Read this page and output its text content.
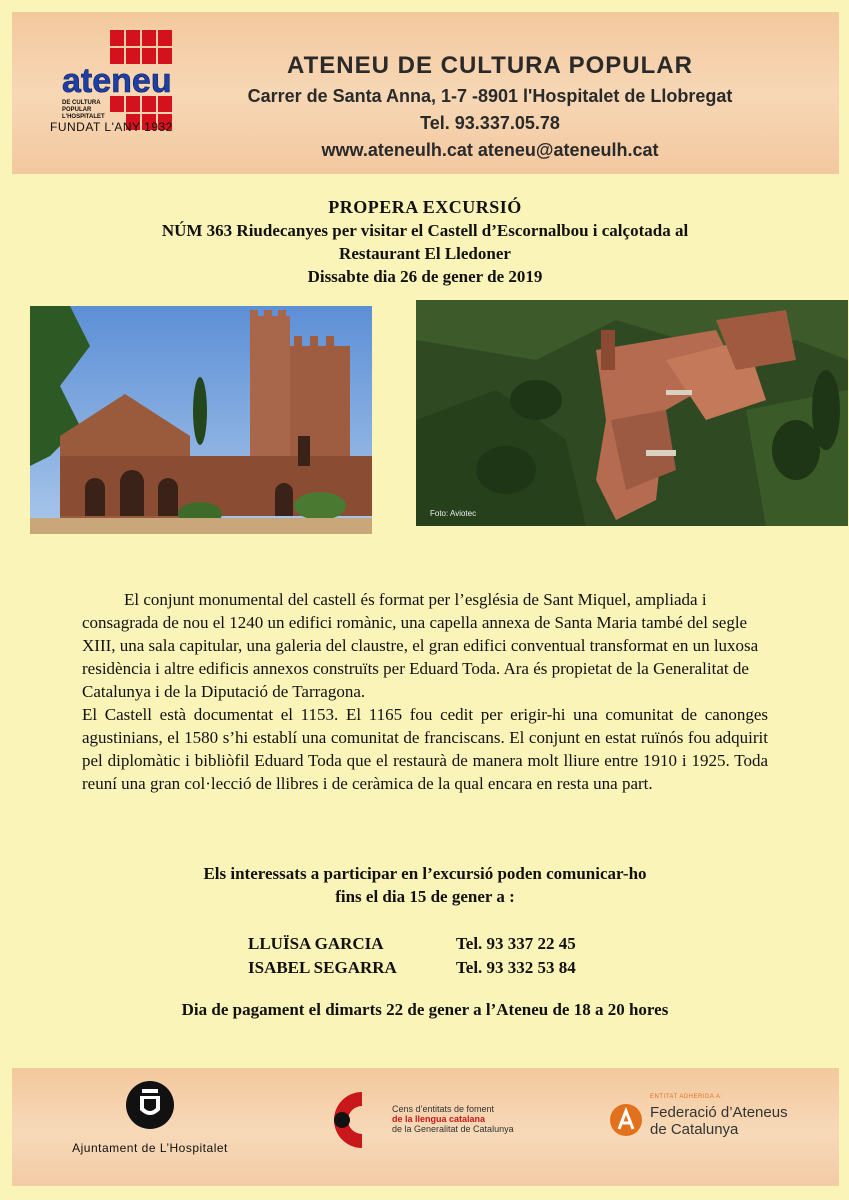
ateneu
DE CULTURA
POPULAR
L'HOSPITALET
FUNDAT L'ANY 1932
ATENEU DE CULTURA POPULAR
Carrer de Santa Anna, 1-7 -8901 l'Hospitalet de Llobregat
Tel. 93.337.05.78
www.ateneulh.cat ateneu@ateneulh.cat
PROPERA EXCURSIÓ
NÚM 363 Riudecanyes per visitar el Castell d’Escornalbou i calçotada al
Restaurant El Lledoner
Dissabte dia 26 de gener de 2019
Foto: Aviotec

El conjunt monumental del castell és format per l’església de Sant Miquel, ampliada i consagrada de nou el 1240 un edifici romànic, una capella annexa de Santa Maria també del segle XIII, una sala capitular, una galeria del claustre, el gran edifici conventual transformat en un luxosa residència i altre edificis annexos construïts per Eduard Toda. Ara és propietat de la Generalitat de Catalunya i de la Diputació de Tarragona.

El Castell està documentat el 1153. El 1165 fou cedit per erigir-hi una comunitat de canonges agustinians, el 1580 s’hi establí una comunitat de franciscans. El conjunt en estat ruïnós fou adquirit pel diplomàtic i bibliòfil Eduard Toda que el restaurà de manera molt lliure entre 1910 i 1925. Toda reuní una gran col·lecció de llibres i de ceràmica de la qual encara en resta una part.

Els interessats a participar en l’excursió poden comunicar-ho
fins el dia 15 de gener a :
LLUÏSA GARCIA	Tel. 93 337 22 45
ISABEL SEGARRA	Tel. 93 332 53 84
Dia de pagament el dimarts 22 de gener a l’Ateneu de 18 a 20 hores
Ajuntament de L’Hospitalet
Cens d’entitats de foment
de la llengua catalana
de la Generalitat de Catalunya
ENTITAT ADHERIDA A:
Federació d’Ateneus
de Catalunya
